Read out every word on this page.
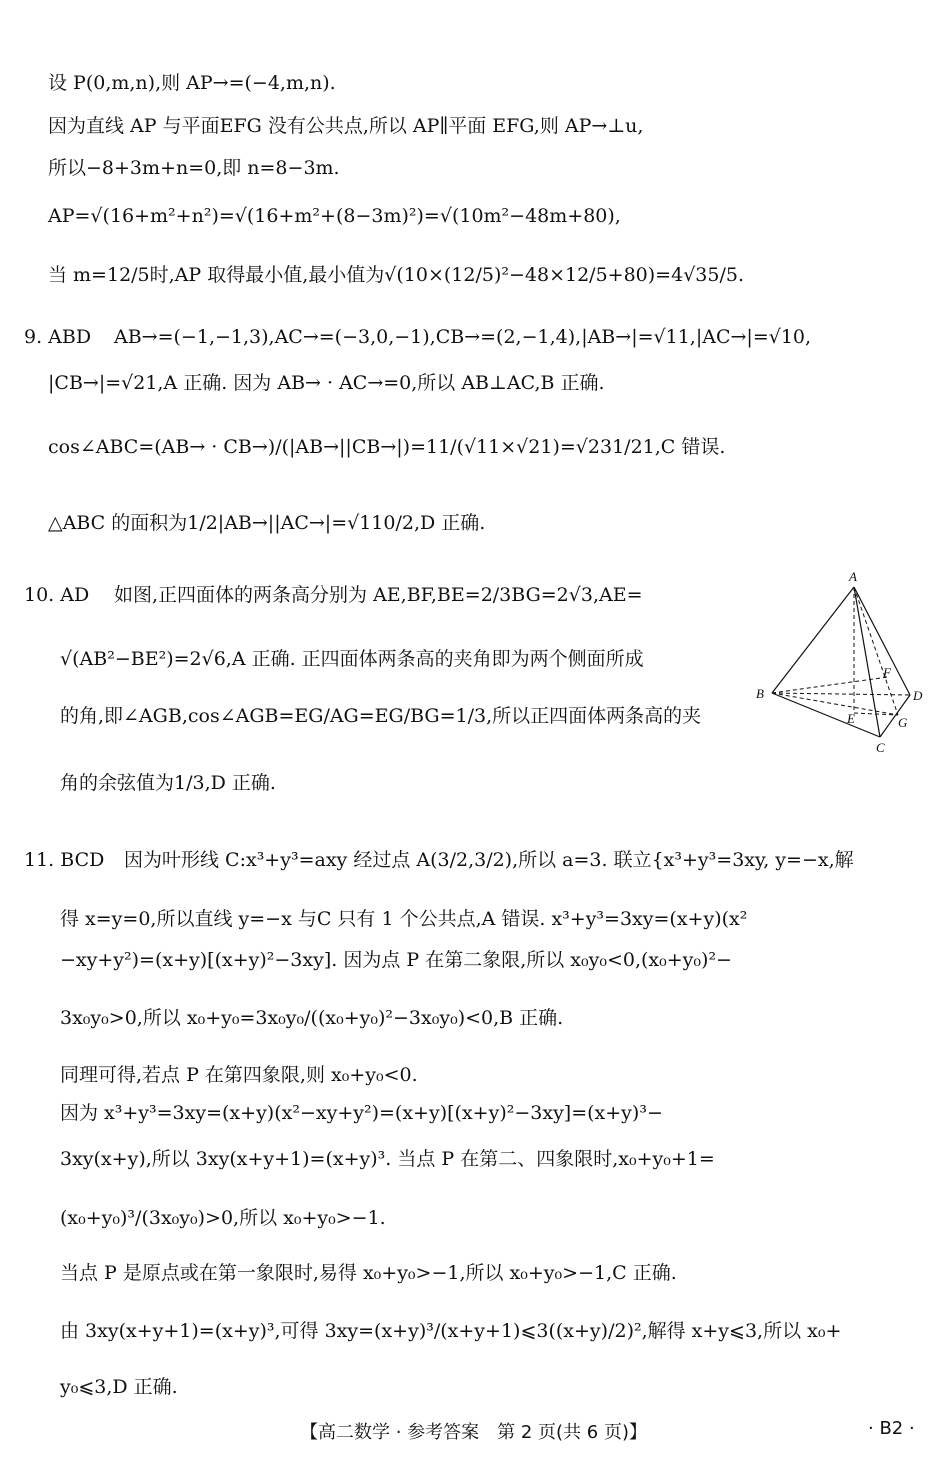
设 P(0,m,n),则 AP→=(−4,m,n).
因为直线 AP 与平面EFG 没有公共点,所以 AP∥平面 EFG,则 AP→⊥u,
所以−8+3m+n=0,即 n=8−3m.
AP=√(16+m²+n²)=√(16+m²+(8−3m)²)=√(10m²−48m+80),
当 m=12/5时,AP 取得最小值,最小值为√(10×(12/5)²−48×12/5+80)=4√35/5.
9. ABD AB→=(−1,−1,3),AC→=(−3,0,−1),CB→=(2,−1,4),|AB→|=√11,|AC→|=√10,
|CB→|=√21,A 正确. 因为 AB→ · AC→=0,所以 AB⊥AC,B 正确.
cos∠ABC=(AB→ · CB→)/(|AB→||CB→|)=11/(√11×√21)=√231/21,C 错误.
△ABC 的面积为1/2|AB→||AC→|=√110/2,D 正确.
10. AD 如图,正四面体的两条高分别为 AE,BF,BE=2/3BG=2√3,AE=
√(AB²−BE²)=2√6,A 正确. 正四面体两条高的夹角即为两个侧面所成
的角,即∠AGB,cos∠AGB=EG/AG=EG/BG=1/3,所以正四面体两条高的夹
角的余弦值为1/3,D 正确.
A
B
C
D
E
F
G
11. BCD 因为叶形线 C:x³+y³=axy 经过点 A(3/2,3/2),所以 a=3. 联立{x³+y³=3xy, y=−x,解
得 x=y=0,所以直线 y=−x 与C 只有 1 个公共点,A 错误. x³+y³=3xy=(x+y)(x²
−xy+y²)=(x+y)[(x+y)²−3xy]. 因为点 P 在第二象限,所以 x₀y₀<0,(x₀+y₀)²−
3x₀y₀>0,所以 x₀+y₀=3x₀y₀/((x₀+y₀)²−3x₀y₀)<0,B 正确.
同理可得,若点 P 在第四象限,则 x₀+y₀<0.
因为 x³+y³=3xy=(x+y)(x²−xy+y²)=(x+y)[(x+y)²−3xy]=(x+y)³−
3xy(x+y),所以 3xy(x+y+1)=(x+y)³. 当点 P 在第二、四象限时,x₀+y₀+1=
(x₀+y₀)³/(3x₀y₀)>0,所以 x₀+y₀>−1.
当点 P 是原点或在第一象限时,易得 x₀+y₀>−1,所以 x₀+y₀>−1,C 正确.
由 3xy(x+y+1)=(x+y)³,可得 3xy=(x+y)³/(x+y+1)⩽3((x+y)/2)²,解得 x+y⩽3,所以 x₀+
y₀⩽3,D 正确.
【高二数学 · 参考答案　第 2 页(共 6 页)】	· B2 ·
